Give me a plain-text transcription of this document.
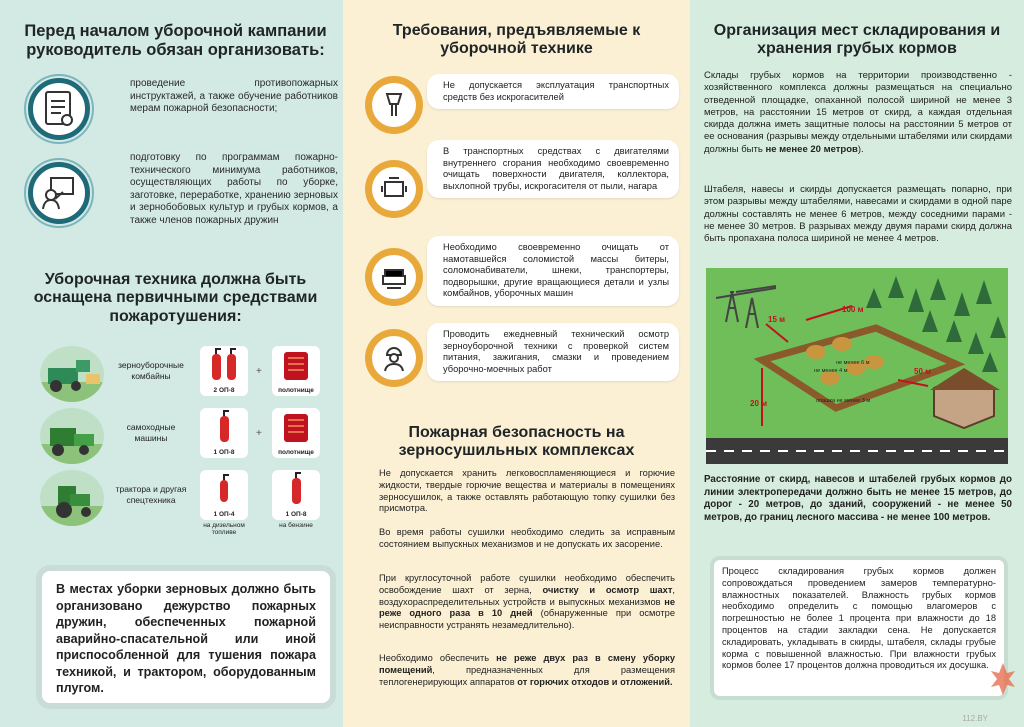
Перед началом уборочной кампании руководитель обязан организовать:
проведение противопожарных инструктажей, а также обучение работников мерам пожарной безопасности;
подготовку по программам пожарно-технического минимума работников, осуществляющих работы по уборке, заготовке, переработке, хранению зерновых и зернобобовых культур и грубых кормов, а также членов пожарных дружин
Уборочная техника должна быть оснащена первичными средствами пожаротушения:
зерноуборочные комбайны
2 ОП-8
+
полотнище
самоходные машины
1 ОП-8
+
полотнище
трактора и другая спецтехника
1 ОП-4
на дизельном топливе
1 ОП-8
на бензине
В местах уборки зерновых должно быть организовано дежурство пожарных дружин, обеспеченных пожарной аварийно-спасательной или иной приспособленной для тушения пожара техникой, и трактором, оборудованным плугом.
Требования, предъявляемые к уборочной технике
Не допускается эксплуатация транспортных средств без искрогасителей
В транспортных средствах с двигателями внутреннего сгорания необходимо своевременно очищать поверхности двигателя, коллектора, выхлопной трубы, искрогасителя от пыли, нагара
Необходимо своевременно очищать от намотавшейся соломистой массы битеры, соломонабиватели, шнеки, транспортеры, подворышки, другие вращающиеся детали и узлы комбайнов, уборочных машин
Проводить ежедневный технический осмотр зерноуборочной техники с проверкой систем питания, зажигания, смазки и проведением уборочно-моечных работ
Пожарная безопасность на зерносушильных комплексах
Не допускается хранить легковоспламеняющиеся и горючие жидкости, твердые горючие вещества и материалы в помещениях зерносушилок, а также оставлять работающую топку сушилки без присмотра.
Во время работы сушилки необходимо следить за исправным состоянием выпускных механизмов и не допускать их засорение.
При круглосуточной работе сушилки необходимо обеспечить освобождение шахт от зерна, очистку и осмотр шахт, воздухораспределительных устройств и выпускных механизмов не реже одного раза в 10 дней (обнаруженные при осмотре неисправности устранять незамедлительно).
Необходимо обеспечить не реже двух раз в смену уборку помещений, предназначенных для размещения теплогенерирующих аппаратов от горючих отходов и отложений.
Организация мест складирования и хранения грубых кормов
Склады грубых кормов на территории производственно - хозяйственного комплекса должны размещаться на специально отведенной площадке, опаханной полосой шириной не менее 3 метров, на расстоянии 15 метров от скирд, а каждая отдельная скирда должна иметь защитные полосы на расстоянии 5 метров от ее основания (разрывы между отдельными штабелями или скирдами должны быть не менее 20 метров).
Штабеля, навесы и скирды допускается размещать попарно, при этом разрывы между штабелями, навесами и скирдами в одной паре должны составлять не менее 6 метров, между соседними парами - не менее 30 метров. В разрывах между двумя парами скирд должна быть пропахана полоса шириной не менее 4 метров.
15 м
100 м
50 м
20 м
не менее 4 м
не менее 6 м
опашка не менее 3 м
Расстояние от скирд, навесов и штабелей грубых кормов до линии электропередачи должно быть не менее 15 метров, до дорог - 20 метров, до зданий, сооружений - не менее 50 метров, до границ лесного массива - не менее 100 метров.
Процесс складирования грубых кормов должен сопровождаться проведением замеров температурно-влажностных показателей. Влажность грубых кормов необходимо определить с помощью влагомеров с погрешностью не более 1 процента при влажности до 18 процентов на стадии закладки сена. Не допускается складировать, укладывать в скирды, штабеля, склады грубые корма с повышенной влажностью. При влажности грубых кормов более 17 процентов должна проводиться их досушка.
112.BY
